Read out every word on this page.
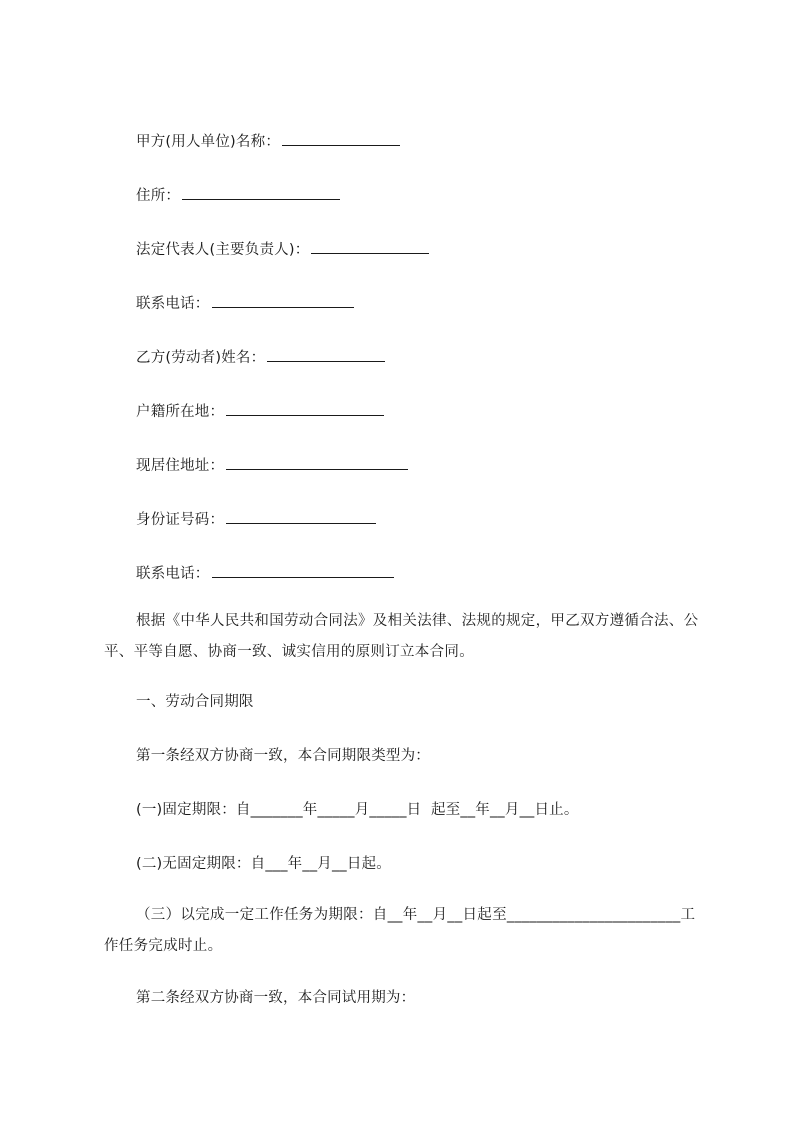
甲方(用人单位)名称：
住所：
法定代表人(主要负责人)：
联系电话：
乙方(劳动者)姓名：
户籍所在地：
现居住地址：
身份证号码：
联系电话：
根据《中华人民共和国劳动合同法》及相关法律、法规的规定，甲乙双方遵循合法、公平、平等自愿、协商一致、诚实信用的原则订立本合同。
一、劳动合同期限
第一条经双方协商一致，本合同期限类型为：
(一)固定期限：自_______年_____月_____日  起至__年__月__日止。
(二)无固定期限：自___年__月__日起。
（三）以完成一定工作任务为期限：自__年__月__日起至_______________________工作任务完成时止。
第二条经双方协商一致，本合同试用期为：
